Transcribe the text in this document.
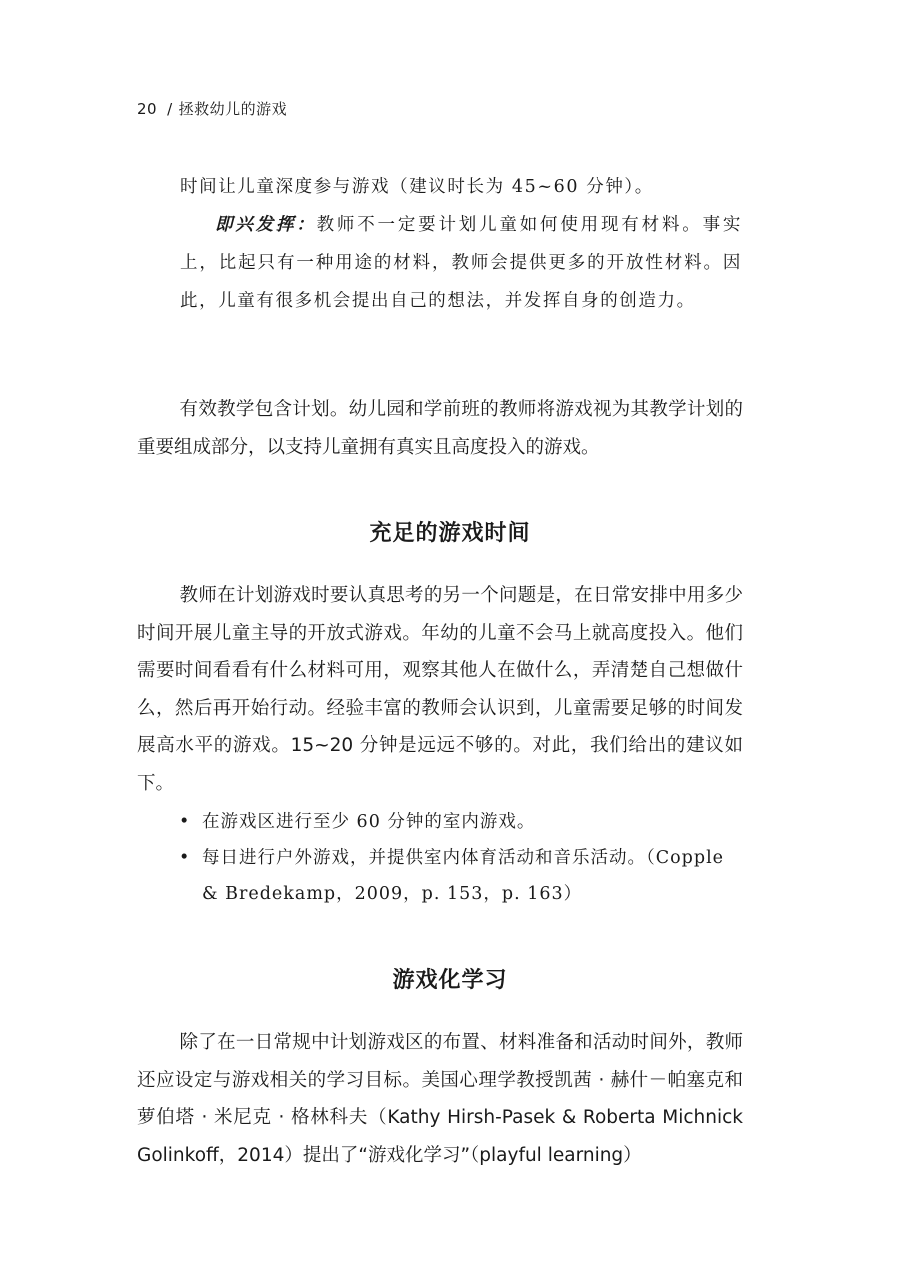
20 / 拯救幼儿的游戏

时间让儿童深度参与游戏（建议时长为 45~60 分钟）。

即兴发挥：教师不一定要计划儿童如何使用现有材料。事实上，比起只有一种用途的材料，教师会提供更多的开放性材料。因此，儿童有很多机会提出自己的想法，并发挥自身的创造力。

有效教学包含计划。幼儿园和学前班的教师将游戏视为其教学计划的重要组成部分，以支持儿童拥有真实且高度投入的游戏。

充足的游戏时间

教师在计划游戏时要认真思考的另一个问题是，在日常安排中用多少时间开展儿童主导的开放式游戏。年幼的儿童不会马上就高度投入。他们需要时间看看有什么材料可用，观察其他人在做什么，弄清楚自己想做什么，然后再开始行动。经验丰富的教师会认识到，儿童需要足够的时间发展高水平的游戏。15~20 分钟是远远不够的。对此，我们给出的建议如下。

• 在游戏区进行至少 60 分钟的室内游戏。
• 每日进行户外游戏，并提供室内体育活动和音乐活动。（Copple & Bredekamp，2009，p. 153，p. 163）
游戏化学习

除了在一日常规中计划游戏区的布置、材料准备和活动时间外，教师还应设定与游戏相关的学习目标。美国心理学教授凯茜 · 赫什－帕塞克和萝伯塔 · 米尼克 · 格林科夫（Kathy Hirsh-Pasek & Roberta Michnick Golinkoff，2014）提出了“游戏化学习”（playful learning）
